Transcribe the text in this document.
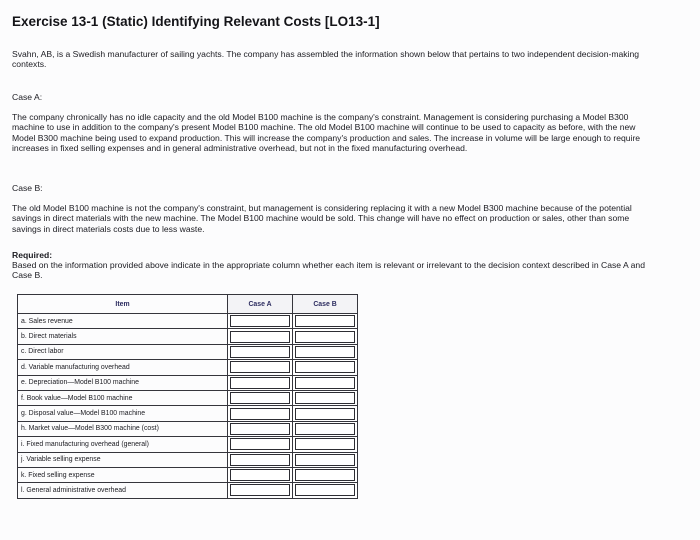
Exercise 13-1 (Static) Identifying Relevant Costs [LO13-1]

Svahn, AB, is a Swedish manufacturer of sailing yachts. The company has assembled the information shown below that pertains to two independent decision-making contexts.

Case A:

The company chronically has no idle capacity and the old Model B100 machine is the company's constraint. Management is considering purchasing a Model B300 machine to use in addition to the company's present Model B100 machine. The old Model B100 machine will continue to be used to capacity as before, with the new Model B300 machine being used to expand production. This will increase the company's production and sales. The increase in volume will be large enough to require increases in fixed selling expenses and in general administrative overhead, but not in the fixed manufacturing overhead.

Case B:

The old Model B100 machine is not the company's constraint, but management is considering replacing it with a new Model B300 machine because of the potential savings in direct materials with the new machine. The Model B100 machine would be sold. This change will have no effect on production or sales, other than some savings in direct materials costs due to less waste.

Required:

Based on the information provided above indicate in the appropriate column whether each item is relevant or irrelevant to the decision context described in Case A and Case B.

Item	Case A	Case B
a. Sales revenue	

b. Direct materials	

c. Direct labor	

d. Variable manufacturing overhead	

e. Depreciation—Model B100 machine	

f. Book value—Model B100 machine	

g. Disposal value—Model B100 machine	

h. Market value—Model B300 machine (cost)	

i. Fixed manufacturing overhead (general)	

j. Variable selling expense	

k. Fixed selling expense	

l. General administrative overhead	
